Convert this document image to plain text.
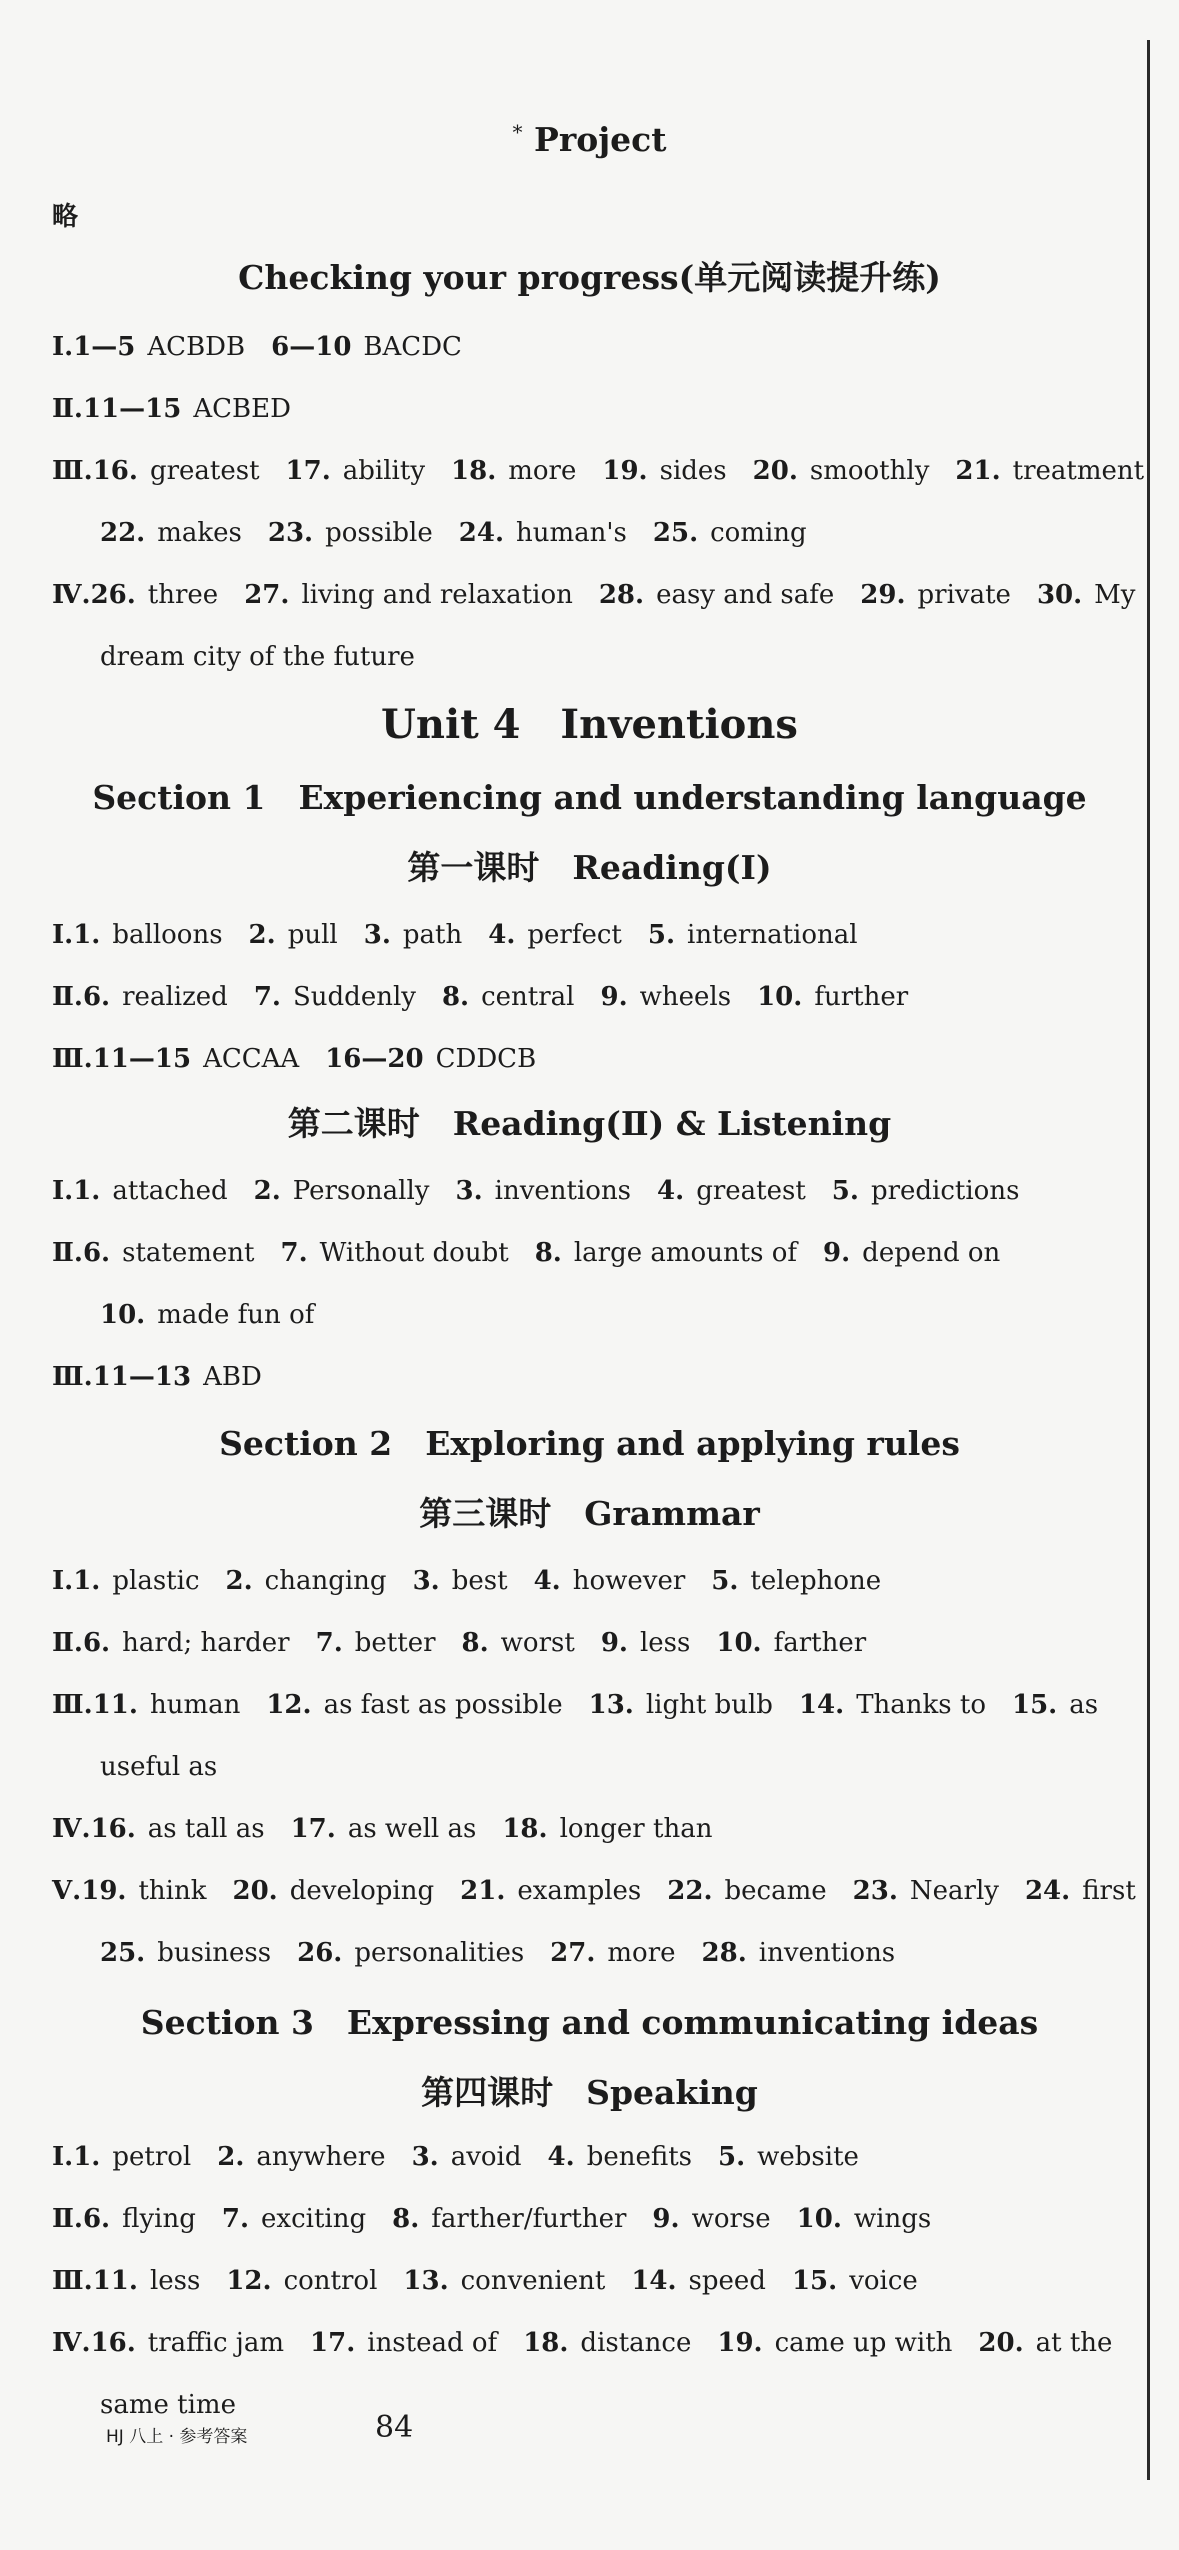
* Project
略
Checking your progress(单元阅读提升练)
Ⅰ.1—5 ACBDB 6—10 BACDC
Ⅱ.11—15 ACBED
Ⅲ.16. greatest 17. ability 18. more 19. sides 20. smoothly 21. treatment
22. makes 23. possible 24. human's 25. coming
Ⅳ.26. three 27. living and relaxation 28. easy and safe 29. private 30. My
dream city of the future
Unit 4　Inventions
Section 1　Experiencing and understanding language
第一课时　Reading(Ⅰ)
Ⅰ.1. balloons 2. pull 3. path 4. perfect 5. international
Ⅱ.6. realized 7. Suddenly 8. central 9. wheels 10. further
Ⅲ.11—15 ACCAA 16—20 CDDCB
第二课时　Reading(Ⅱ) & Listening
Ⅰ.1. attached 2. Personally 3. inventions 4. greatest 5. predictions
Ⅱ.6. statement 7. Without doubt 8. large amounts of 9. depend on
10. made fun of
Ⅲ.11—13 ABD
Section 2　Exploring and applying rules
第三课时　Grammar
Ⅰ.1. plastic 2. changing 3. best 4. however 5. telephone
Ⅱ.6. hard; harder 7. better 8. worst 9. less 10. farther
Ⅲ.11. human 12. as fast as possible 13. light bulb 14. Thanks to 15. as
useful as
Ⅳ.16. as tall as 17. as well as 18. longer than
Ⅴ.19. think 20. developing 21. examples 22. became 23. Nearly 24. first
25. business 26. personalities 27. more 28. inventions
Section 3　Expressing and communicating ideas
第四课时　Speaking
Ⅰ.1. petrol 2. anywhere 3. avoid 4. benefits 5. website
Ⅱ.6. flying 7. exciting 8. farther/further 9. worse 10. wings
Ⅲ.11. less 12. control 13. convenient 14. speed 15. voice
Ⅳ.16. traffic jam 17. instead of 18. distance 19. came up with 20. at the
same time
HJ 八上 · 参考答案	84
